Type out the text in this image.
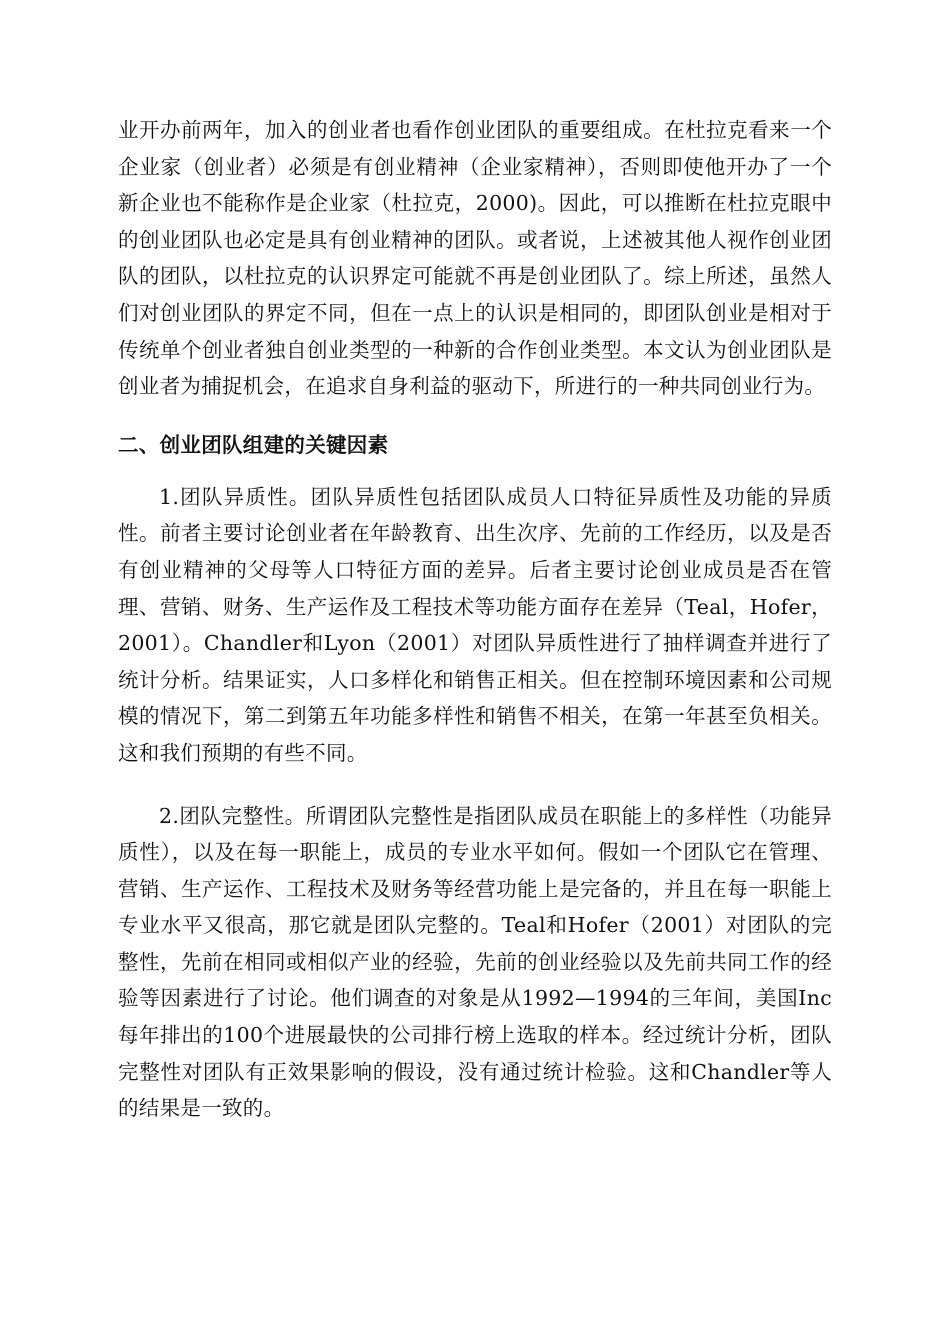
业开办前两年，加入的创业者也看作创业团队的重要组成。在杜拉克看来一个企业家（创业者）必须是有创业精神（企业家精神），否则即使他开办了一个新企业也不能称作是企业家（杜拉克，2000)。因此，可以推断在杜拉克眼中的创业团队也必定是具有创业精神的团队。或者说，上述被其他人视作创业团队的团队，以杜拉克的认识界定可能就不再是创业团队了。综上所述，虽然人们对创业团队的界定不同，但在一点上的认识是相同的，即团队创业是相对于传统单个创业者独自创业类型的一种新的合作创业类型。本文认为创业团队是创业者为捕捉机会，在追求自身利益的驱动下，所进行的一种共同创业行为。

二、创业团队组建的关键因素

1.团队异质性。团队异质性包括团队成员人口特征异质性及功能的异质性。前者主要讨论创业者在年龄教育、出生次序、先前的工作经历，以及是否有创业精神的父母等人口特征方面的差异。后者主要讨论创业成员是否在管理、营销、财务、生产运作及工程技术等功能方面存在差异（Teal，Hofer，2001）。Chandler和Lyon（2001）对团队异质性进行了抽样调查并进行了统计分析。结果证实，人口多样化和销售正相关。但在控制环境因素和公司规模的情况下，第二到第五年功能多样性和销售不相关，在第一年甚至负相关。这和我们预期的有些不同。

2.团队完整性。所谓团队完整性是指团队成员在职能上的多样性（功能异质性），以及在每一职能上，成员的专业水平如何。假如一个团队它在管理、营销、生产运作、工程技术及财务等经营功能上是完备的，并且在每一职能上专业水平又很高，那它就是团队完整的。Teal和Hofer（2001）对团队的完整性，先前在相同或相似产业的经验，先前的创业经验以及先前共同工作的经验等因素进行了讨论。他们调查的对象是从1992—1994的三年间，美国Inc每年排出的100个进展最快的公司排行榜上选取的样本。经过统计分析，团队完整性对团队有正效果影响的假设，没有通过统计检验。这和Chandler等人的结果是一致的。
